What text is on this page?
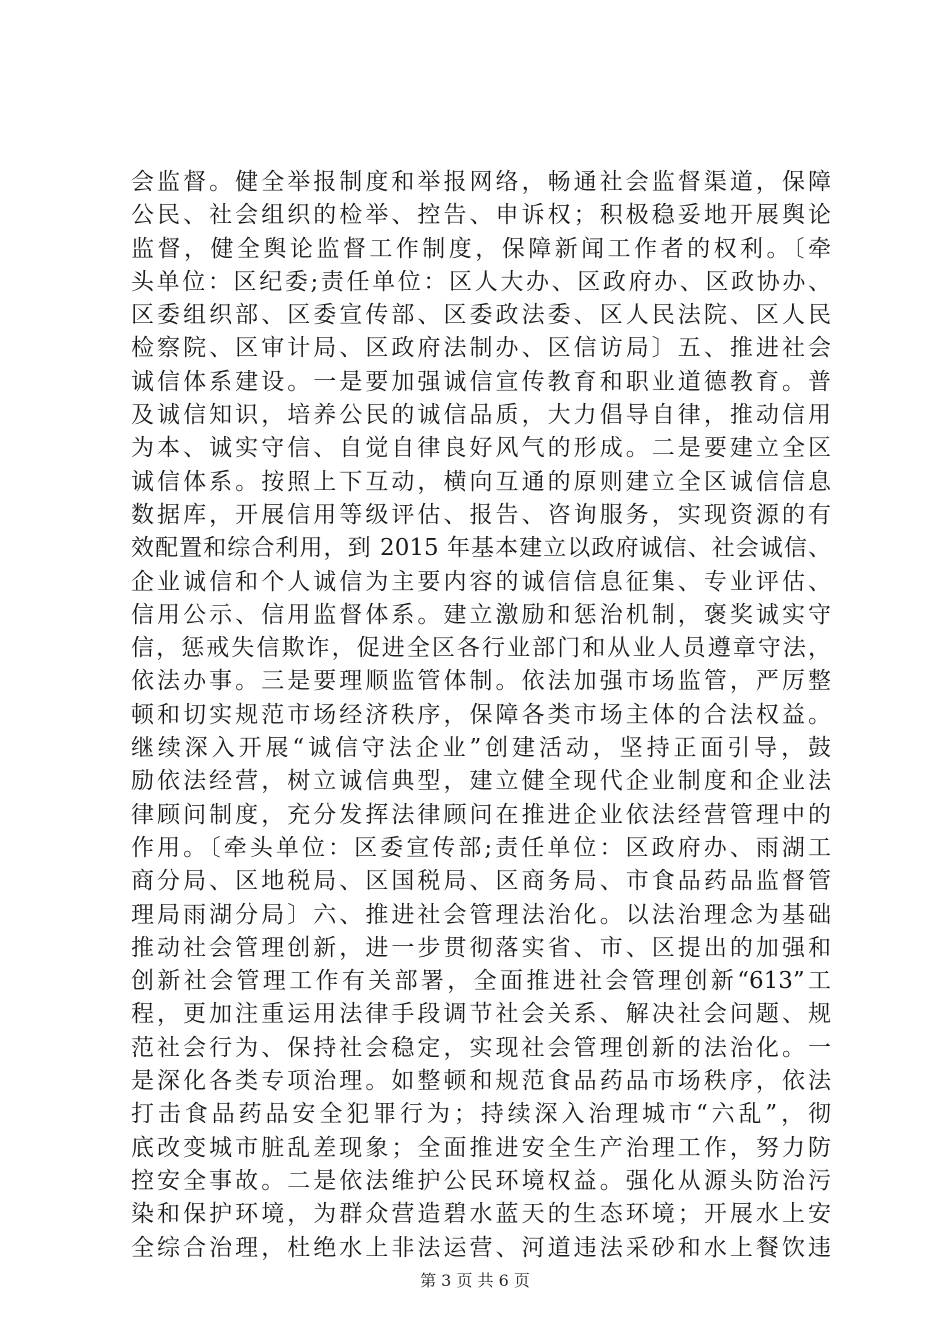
会监督。健全举报制度和举报网络，畅通社会监督渠道，保障
公民、社会组织的检举、控告、申诉权；积极稳妥地开展舆论
监督，健全舆论监督工作制度，保障新闻工作者的权利。〔牵
头单位：区纪委;责任单位：区人大办、区政府办、区政协办、
区委组织部、区委宣传部、区委政法委、区人民法院、区人民
检察院、区审计局、区政府法制办、区信访局〕五、推进社会
诚信体系建设。一是要加强诚信宣传教育和职业道德教育。普
及诚信知识，培养公民的诚信品质，大力倡导自律，推动信用
为本、诚实守信、自觉自律良好风气的形成。二是要建立全区
诚信体系。按照上下互动，横向互通的原则建立全区诚信信息
数据库，开展信用等级评估、报告、咨询服务，实现资源的有
效配置和综合利用，到 2015 年基本建立以政府诚信、社会诚信、
企业诚信和个人诚信为主要内容的诚信信息征集、专业评估、
信用公示、信用监督体系。建立激励和惩治机制，褒奖诚实守
信，惩戒失信欺诈，促进全区各行业部门和从业人员遵章守法，
依法办事。三是要理顺监管体制。依法加强市场监管，严厉整
顿和切实规范市场经济秩序，保障各类市场主体的合法权益。
继续深入开展“诚信守法企业”创建活动，坚持正面引导，鼓
励依法经营，树立诚信典型，建立健全现代企业制度和企业法
律顾问制度，充分发挥法律顾问在推进企业依法经营管理中的
作用。〔牵头单位：区委宣传部;责任单位：区政府办、雨湖工
商分局、区地税局、区国税局、区商务局、市食品药品监督管
理局雨湖分局〕六、推进社会管理法治化。以法治理念为基础
推动社会管理创新，进一步贯彻落实省、市、区提出的加强和
创新社会管理工作有关部署，全面推进社会管理创新“613”工
程，更加注重运用法律手段调节社会关系、解决社会问题、规
范社会行为、保持社会稳定，实现社会管理创新的法治化。一
是深化各类专项治理。如整顿和规范食品药品市场秩序，依法
打击食品药品安全犯罪行为；持续深入治理城市“六乱”，彻
底改变城市脏乱差现象；全面推进安全生产治理工作，努力防
控安全事故。二是依法维护公民环境权益。强化从源头防治污
染和保护环境，为群众营造碧水蓝天的生态环境；开展水上安
全综合治理，杜绝水上非法运营、河道违法采砂和水上餐饮违
第 3 页 共 6 页
